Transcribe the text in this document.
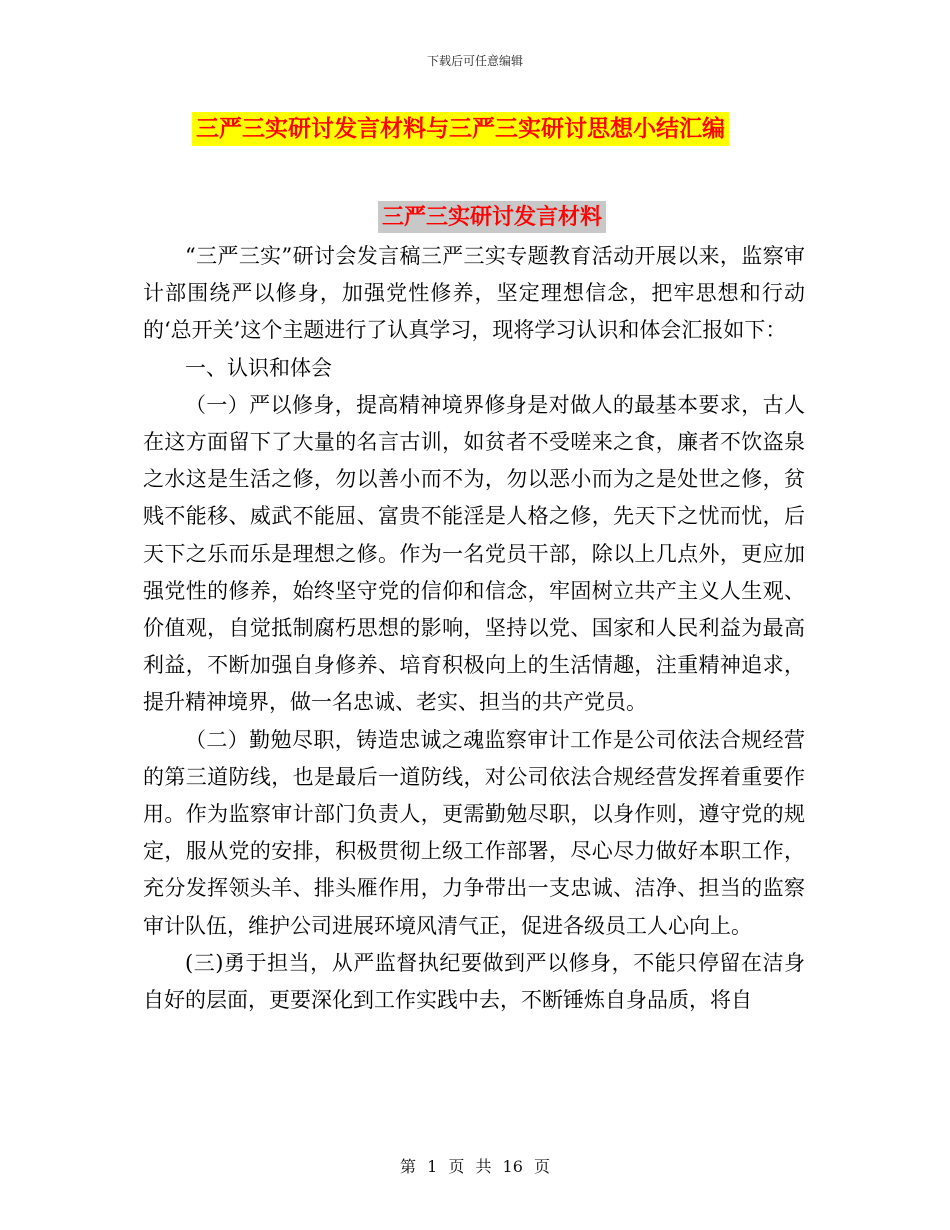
下载后可任意编辑
三严三实研讨发言材料与三严三实研讨思想小结汇编
三严三实研讨发言材料

“三严三实”研讨会发言稿三严三实专题教育活动开展以来，监察审计部围绕严以修身，加强党性修养，坚定理想信念，把牢思想和行动的‘总开关’这个主题进行了认真学习，现将学习认识和体会汇报如下：

一、认识和体会

（一）严以修身，提高精神境界修身是对做人的最基本要求，古人在这方面留下了大量的名言古训，如贫者不受嗟来之食，廉者不饮盗泉之水这是生活之修，勿以善小而不为，勿以恶小而为之是处世之修，贫贱不能移、威武不能屈、富贵不能淫是人格之修，先天下之忧而忧，后天下之乐而乐是理想之修。作为一名党员干部，除以上几点外，更应加强党性的修养，始终坚守党的信仰和信念，牢固树立共产主义人生观、价值观，自觉抵制腐朽思想的影响，坚持以党、国家和人民利益为最高利益，不断加强自身修养、培育积极向上的生活情趣，注重精神追求，提升精神境界，做一名忠诚、老实、担当的共产党员。

（二）勤勉尽职，铸造忠诚之魂监察审计工作是公司依法合规经营的第三道防线，也是最后一道防线，对公司依法合规经营发挥着重要作用。作为监察审计部门负责人，更需勤勉尽职，以身作则，遵守党的规定，服从党的安排，积极贯彻上级工作部署，尽心尽力做好本职工作，充分发挥领头羊、排头雁作用，力争带出一支忠诚、洁净、担当的监察审计队伍，维护公司进展环境风清气正，促进各级员工人心向上。

(三)勇于担当，从严监督执纪要做到严以修身，不能只停留在洁身自好的层面，更要深化到工作实践中去，不断锤炼自身品质，将自

第 1 页 共 16 页
